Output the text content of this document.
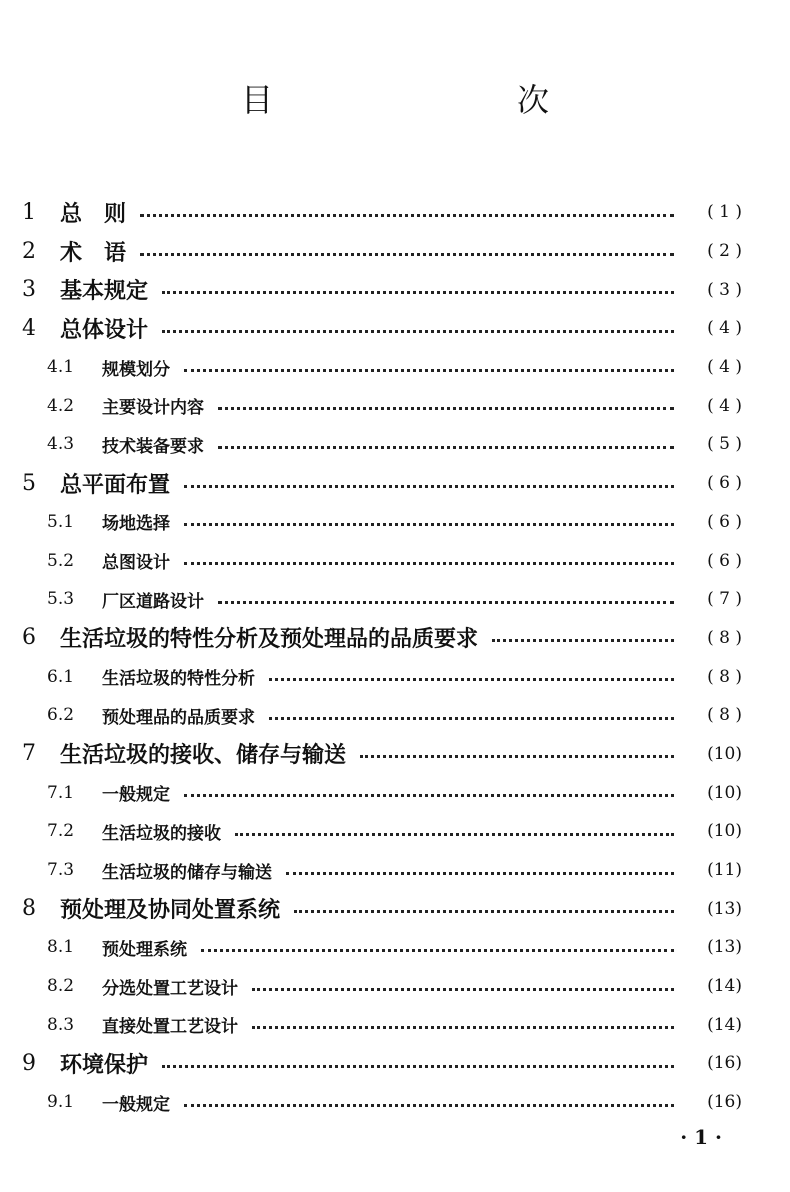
目　　次
1	总　则	( 1 )
2	术　语	( 2 )
3	基本规定	( 3 )
4	总体设计	( 4 )
4.1	规模划分	( 4 )
4.2	主要设计内容	( 4 )
4.3	技术装备要求	( 5 )
5	总平面布置	( 6 )
5.1	场地选择	( 6 )
5.2	总图设计	( 6 )
5.3	厂区道路设计	( 7 )
6	生活垃圾的特性分析及预处理品的品质要求	( 8 )
6.1	生活垃圾的特性分析	( 8 )
6.2	预处理品的品质要求	( 8 )
7	生活垃圾的接收、储存与输送	(10)
7.1	一般规定	(10)
7.2	生活垃圾的接收	(10)
7.3	生活垃圾的储存与输送	(11)
8	预处理及协同处置系统	(13)
8.1	预处理系统	(13)
8.2	分选处置工艺设计	(14)
8.3	直接处置工艺设计	(14)
9	环境保护	(16)
9.1	一般规定	(16)
· 1 ·
